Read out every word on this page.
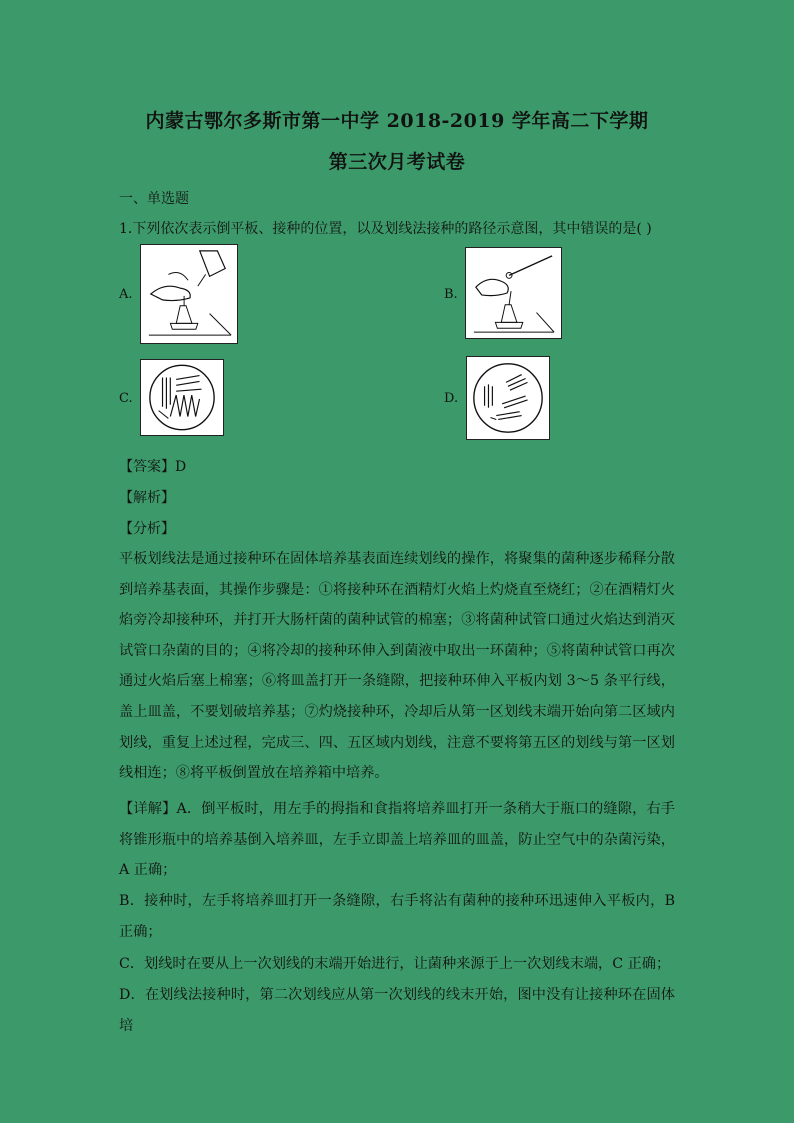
内蒙古鄂尔多斯市第一中学 2018-2019 学年高二下学期
第三次月考试卷
一、单选题
1.下列依次表示倒平板、接种的位置，以及划线法接种的路径示意图，其中错误的是( )
A.	B.
C.	D.
【答案】D
【解析】
【分析】
平板划线法是通过接种环在固体培养基表面连续划线的操作，将聚集的菌种逐步稀释分散到培养基表面，其操作步骤是：①将接种环在酒精灯火焰上灼烧直至烧红；②在酒精灯火焰旁冷却接种环，并打开大肠杆菌的菌种试管的棉塞；③将菌种试管口通过火焰达到消灭试管口杂菌的目的；④将冷却的接种环伸入到菌液中取出一环菌种；⑤将菌种试管口再次通过火焰后塞上棉塞；⑥将皿盖打开一条缝隙，把接种环伸入平板内划 3～5 条平行线，盖上皿盖，不要划破培养基；⑦灼烧接种环，冷却后从第一区划线末端开始向第二区域内划线，重复上述过程，完成三、四、五区域内划线，注意不要将第五区的划线与第一区划线相连；⑧将平板倒置放在培养箱中培养。
【详解】A．倒平板时，用左手的拇指和食指将培养皿打开一条稍大于瓶口的缝隙，右手将锥形瓶中的培养基倒入培养皿，左手立即盖上培养皿的皿盖，防止空气中的杂菌污染，A 正确；
B．接种时，左手将培养皿打开一条缝隙，右手将沾有菌种的接种环迅速伸入平板内，B 正确；
C．划线时在要从上一次划线的末端开始进行，让菌种来源于上一次划线末端，C 正确；
D．在划线法接种时，第二次划线应从第一次划线的线末开始，图中没有让接种环在固体培
